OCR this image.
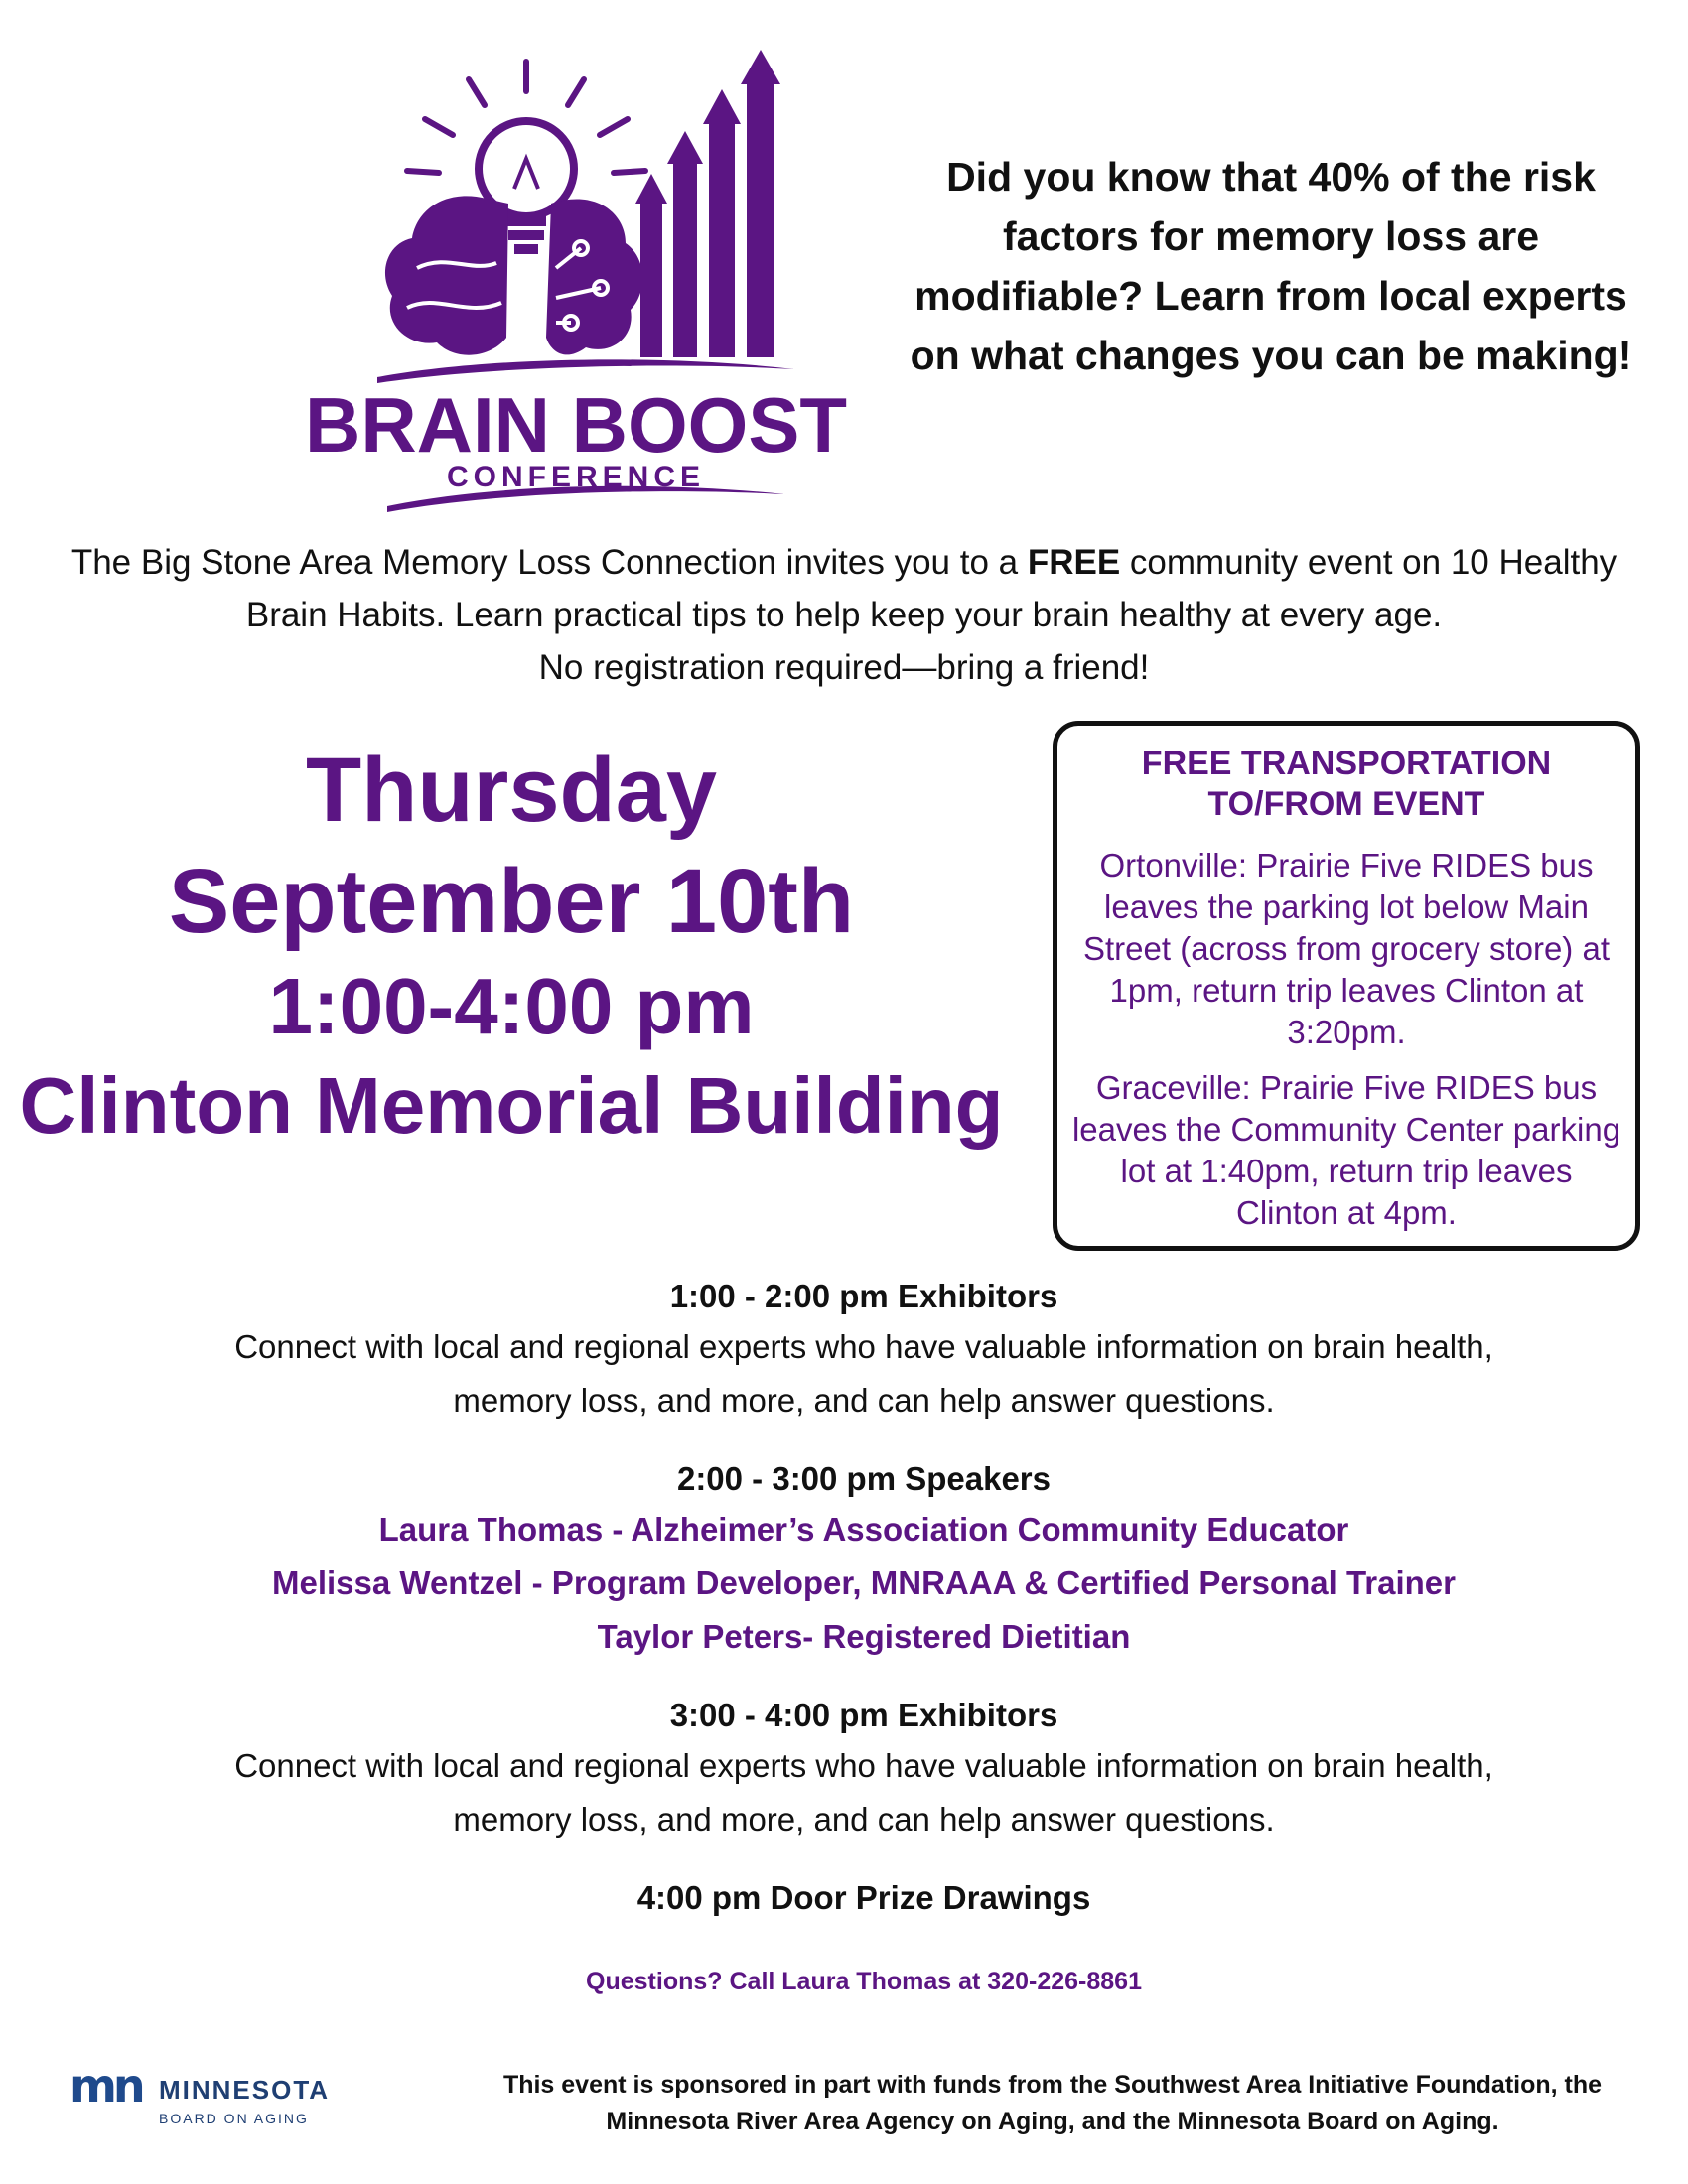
BRAIN BOOST
CONFERENCE
Did you know that 40% of the risk factors for memory loss are modifiable? Learn from local experts on what changes you can be making!
The Big Stone Area Memory Loss Connection invites you to a FREE community event on 10 Healthy Brain Habits. Learn practical tips to help keep your brain healthy at every age.
No registration required—bring a friend!
Thursday
September 10th
1:00-4:00 pm
Clinton Memorial Building
FREE TRANSPORTATION
TO/FROM EVENT
Ortonville: Prairie Five RIDES bus leaves the parking lot below Main Street (across from grocery store) at 1pm, return trip leaves Clinton at 3:20pm.
Graceville: Prairie Five RIDES bus leaves the Community Center parking lot at 1:40pm, return trip leaves Clinton at 4pm.
1:00 - 2:00 pm Exhibitors
Connect with local and regional experts who have valuable information on brain health,
memory loss, and more, and can help answer questions.
2:00 - 3:00 pm Speakers
Laura Thomas - Alzheimer’s Association Community Educator
Melissa Wentzel - Program Developer, MNRAAA & Certified Personal Trainer
Taylor Peters- Registered Dietitian
3:00 - 4:00 pm Exhibitors
Connect with local and regional experts who have valuable information on brain health,
memory loss, and more, and can help answer questions.
4:00 pm Door Prize Drawings
Questions? Call Laura Thomas at 320-226-8861
mn MINNESOTA
BOARD ON AGING
This event is sponsored in part with funds from the Southwest Area Initiative Foundation, the
Minnesota River Area Agency on Aging, and the Minnesota Board on Aging.
